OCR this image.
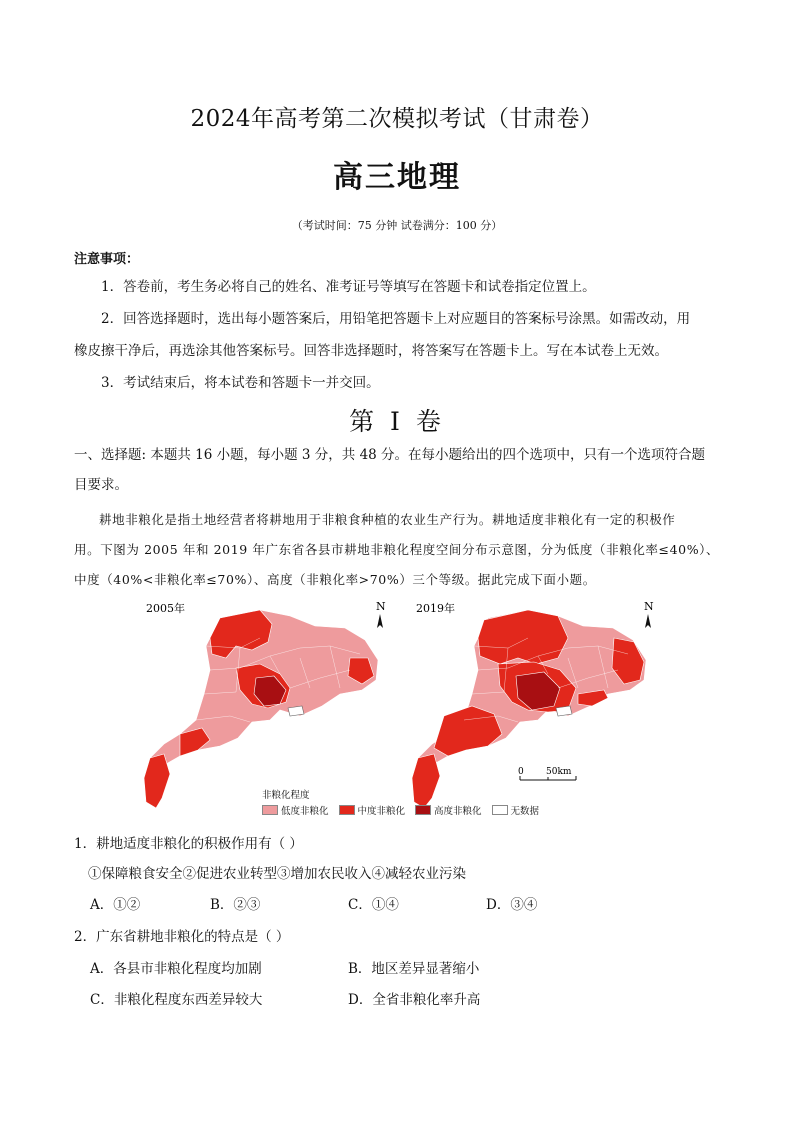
2024年高考第二次模拟考试（甘肃卷）
高三地理
（考试时间：75 分钟 试卷满分：100 分）
注意事项：

1．答卷前，考生务必将自己的姓名、准考证号等填写在答题卡和试卷指定位置上。

2．回答选择题时，选出每小题答案后，用铅笔把答题卡上对应题目的答案标号涂黑。如需改动，用

橡皮擦干净后，再选涂其他答案标号。回答非选择题时，将答案写在答题卡上。写在本试卷上无效。

3．考试结束后，将本试卷和答题卡一并交回。

第 I 卷
一、选择题: 本题共 16 小题，每小题 3 分，共 48 分。在每小题给出的四个选项中，只有一个选项符合题
目要求。
耕地非粮化是指土地经营者将耕地用于非粮食种植的农业生产行为。耕地适度非粮化有一定的积极作
用。下图为 2005 年和 2019 年广东省各县市耕地非粮化程度空间分布示意图，分为低度（非粮化率≤40%）、
中度（40%<非粮化率≤70%）、高度（非粮化率>70%）三个等级。据此完成下面小题。
2005年	N	2019年	N
0 50km
非粮化程度
低度非粮化	中度非粮化	高度非粮化	无数据
1．耕地适度非粮化的积极作用有（ ）
①保障粮食安全②促进农业转型③增加农民收入④减轻农业污染
A．①②	B．②③	C．①④	D．③④
2．广东省耕地非粮化的特点是（ ）
A．各县市非粮化程度均加剧	B．地区差异显著缩小
C．非粮化程度东西差异较大	D．全省非粮化率升高
